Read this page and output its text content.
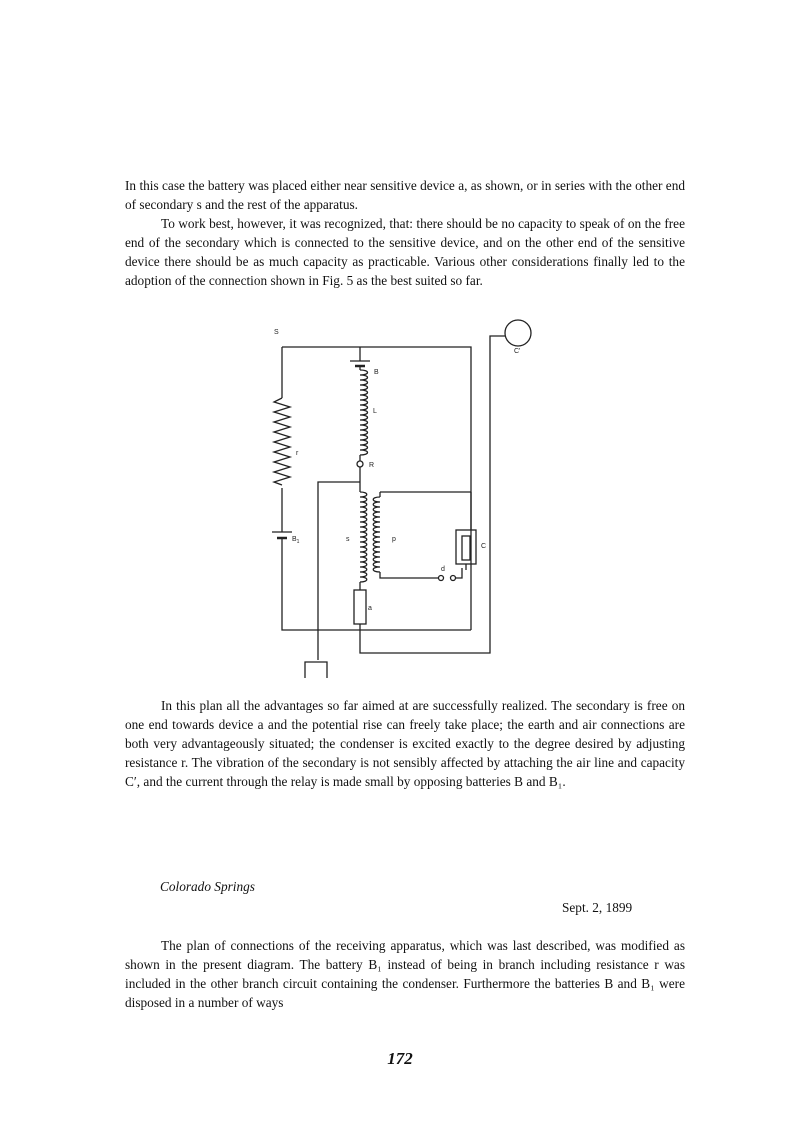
In this case the battery was placed either near sensitive device a, as shown, or in series with the other end of secondary s and the rest of the apparatus.

To work best, however, it was recognized, that: there should be no capacity to speak of on the free end of the secondary which is connected to the sensitive device, and on the other end of the sensitive device there should be as much capacity as practicable. Various other considerations finally led to the adoption of the connection shown in Fig. 5 as the best suited so far.

S
C'
B
L
r
R
$B_1$	s	p
C
d
a

In this plan all the advantages so far aimed at are successfully realized. The secondary is free on one end towards device a and the potential rise can freely take place; the earth and air connections are both very advantageously situated; the condenser is excited exactly to the degree desired by adjusting resistance r. The vibration of the secondary is not sensibly affected by attaching the air line and capacity C′, and the current through the relay is made small by opposing batteries B and B₁.

Colorado Springs

Sept. 2, 1899

The plan of connections of the receiving apparatus, which was last described, was modified as shown in the present diagram. The battery B₁ instead of being in branch including resistance r was included in the other branch circuit containing the condenser. Furthermore the batteries B and B₁ were disposed in a number of ways

172
